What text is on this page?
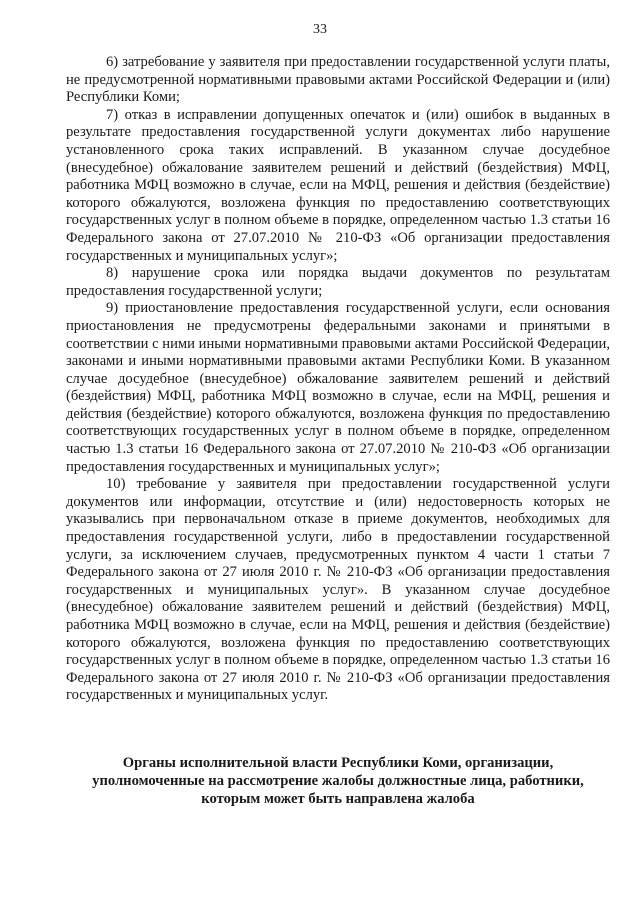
33

6) затребование у заявителя при предоставлении государственной услуги платы, не предусмотренной нормативными правовыми актами Российской Федерации и (или) Республики Коми;

7) отказ в исправлении допущенных опечаток и (или) ошибок в выданных в результате предоставления государственной услуги документах либо нарушение установленного срока таких исправлений. В указанном случае досудебное (внесудебное) обжалование заявителем решений и действий (бездействия) МФЦ, работника МФЦ возможно в случае, если на МФЦ, решения и действия (бездействие) которого обжалуются, возложена функция по предоставлению соответствующих государственных услуг в полном объеме в порядке, определенном частью 1.3 статьи 16 Федерального закона от 27.07.2010 № 210-ФЗ «Об организации предоставления государственных и муниципальных услуг»;

8) нарушение срока или порядка выдачи документов по результатам предоставления государственной услуги;

9) приостановление предоставления государственной услуги, если основания приостановления не предусмотрены федеральными законами и принятыми в соответствии с ними иными нормативными правовыми актами Российской Федерации, законами и иными нормативными правовыми актами Республики Коми. В указанном случае досудебное (внесудебное) обжалование заявителем решений и действий (бездействия) МФЦ, работника МФЦ возможно в случае, если на МФЦ, решения и действия (бездействие) которого обжалуются, возложена функция по предоставлению соответствующих государственных услуг в полном объеме в порядке, определенном частью 1.3 статьи 16 Федерального закона от 27.07.2010 № 210-ФЗ «Об организации предоставления государственных и муниципальных услуг»;

10) требование у заявителя при предоставлении государственной услуги документов или информации, отсутствие и (или) недостоверность которых не указывались при первоначальном отказе в приеме документов, необходимых для предоставления государственной услуги, либо в предоставлении государственной услуги, за исключением случаев, предусмотренных пунктом 4 части 1 статьи 7 Федерального закона от 27 июля 2010 г. № 210-ФЗ «Об организации предоставления государственных и муниципальных услуг». В указанном случае досудебное (внесудебное) обжалование заявителем решений и действий (бездействия) МФЦ, работника МФЦ возможно в случае, если на МФЦ, решения и действия (бездействие) которого обжалуются, возложена функция по предоставлению соответствующих государственных услуг в полном объеме в порядке, определенном частью 1.3 статьи 16 Федерального закона от 27 июля 2010 г. № 210-ФЗ «Об организации предоставления государственных и муниципальных услуг.

Органы исполнительной власти Республики Коми, организации,
уполномоченные на рассмотрение жалобы должностные лица, работники,
которым может быть направлена жалоба
